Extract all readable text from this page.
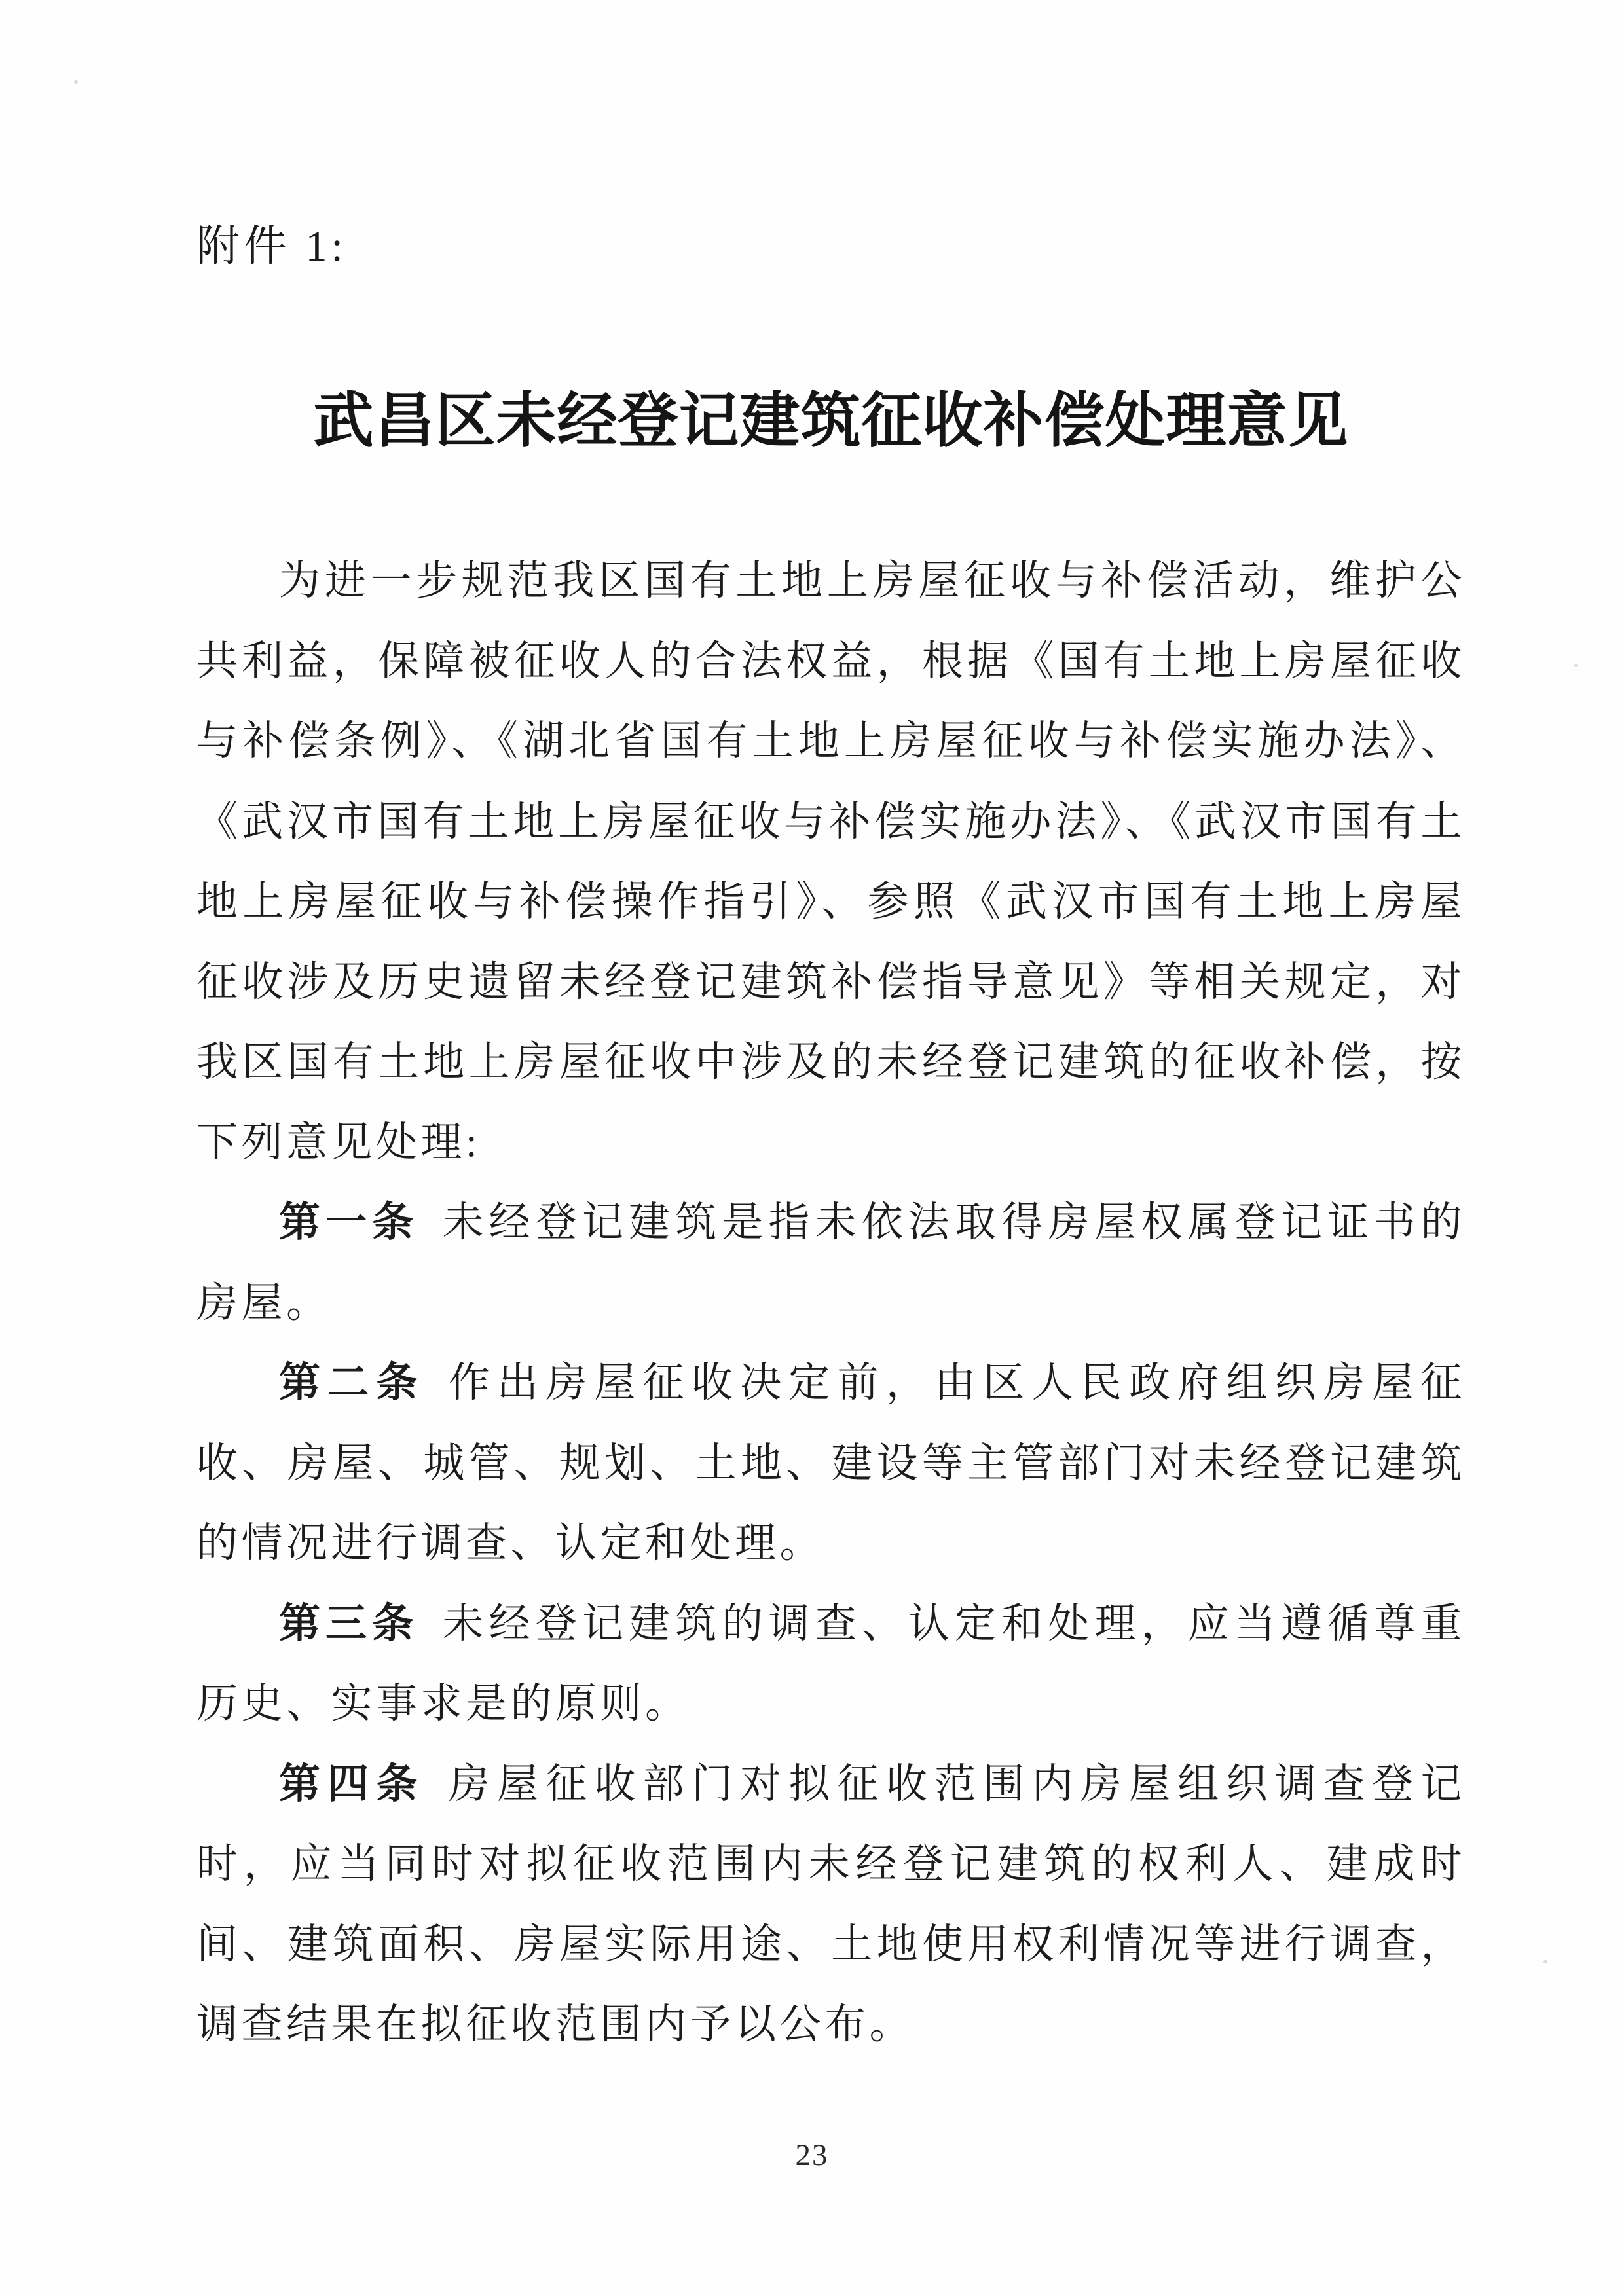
附件 1:
武昌区未经登记建筑征收补偿处理意见

为进一步规范我区国有土地上房屋征收与补偿活动，维护公共利益，保障被征收人的合法权益，根据《国有土地上房屋征收与补偿条例》、《湖北省国有土地上房屋征收与补偿实施办法》、《武汉市国有土地上房屋征收与补偿实施办法》、《武汉市国有土地上房屋征收与补偿操作指引》、参照《武汉市国有土地上房屋征收涉及历史遗留未经登记建筑补偿指导意见》等相关规定，对我区国有土地上房屋征收中涉及的未经登记建筑的征收补偿，按下列意见处理:

第一条 未经登记建筑是指未依法取得房屋权属登记证书的房屋。

第二条 作出房屋征收决定前，由区人民政府组织房屋征收、房屋、城管、规划、土地、建设等主管部门对未经登记建筑的情况进行调查、认定和处理。

第三条 未经登记建筑的调查、认定和处理，应当遵循尊重历史、实事求是的原则。

第四条 房屋征收部门对拟征收范围内房屋组织调查登记时，应当同时对拟征收范围内未经登记建筑的权利人、建成时间、建筑面积、房屋实际用途、土地使用权利情况等进行调查，调查结果在拟征收范围内予以公布。

23
